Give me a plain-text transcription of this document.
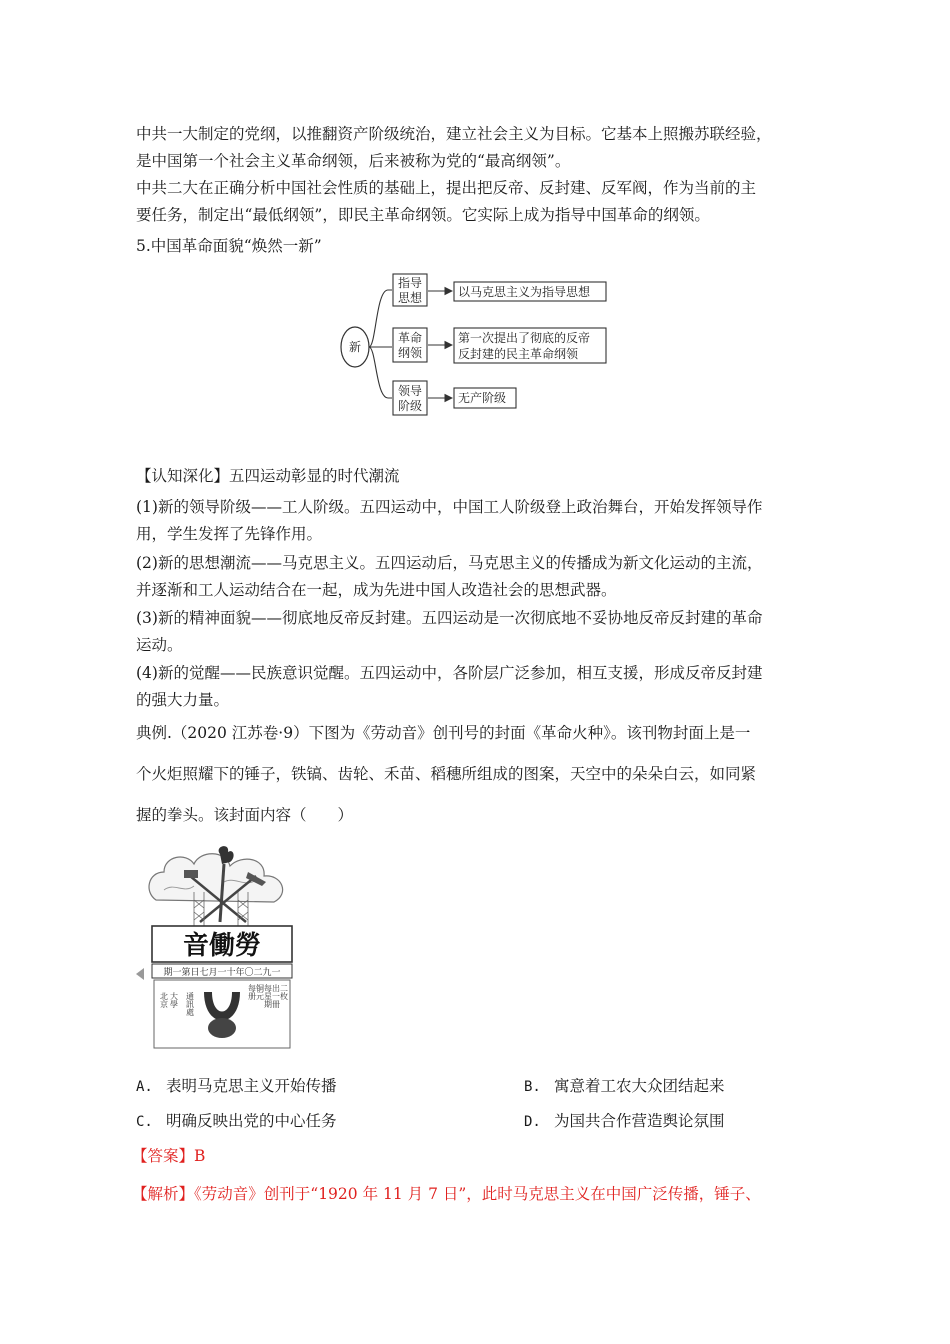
中共一大制定的党纲，以推翻资产阶级统治，建立社会主义为目标。它基本上照搬苏联经验，
是中国第一个社会主义革命纲领，后来被称为党的“最高纲领”。
中共二大在正确分析中国社会性质的基础上，提出把反帝、反封建、反军阀，作为当前的主
要任务，制定出“最低纲领”，即民主革命纲领。它实际上成为指导中国革命的纲领。
5.中国革命面貌“焕然一新”
新
指导
思想	以马克思主义为指导思想
革命
纲领
第一次提出了彻底的反帝
反封建的民主革命纲领
领导
阶级
无产阶级
【认知深化】五四运动彰显的时代潮流
(1)新的领导阶级——工人阶级。五四运动中，中国工人阶级登上政治舞台，开始发挥领导作
用，学生发挥了先锋作用。
(2)新的思想潮流——马克思主义。五四运动后，马克思主义的传播成为新文化运动的主流，
并逐渐和工人运动结合在一起，成为先进中国人改造社会的思想武器。
(3)新的精神面貌——彻底地反帝反封建。五四运动是一次彻底地不妥协地反帝反封建的革命
运动。
(4)新的觉醒——民族意识觉醒。五四运动中，各阶层广泛参加，相互支援，形成反帝反封建
的强大力量。
典例.（2020 江苏卷·9）下图为《劳动音》创刊号的封面《革命火种》。该刊物封面上是一
个火炬照耀下的锤子，铁镐、齿轮、禾苗、稻穗所组成的图案，天空中的朵朵白云，如同紧
握的拳头。该封面内容（　　）
音働勞
期一第日七月一十年〇二九一
北京 大學 通訊處	每册 铜元 每星期 出一冊 二枚
A. 表明马克思主义开始传播	B. 寓意着工农大众团结起来
C. 明确反映出党的中心任务	D. 为国共合作营造舆论氛围
【答案】B
【解析】《劳动音》创刊于“1920 年 11 月 7 日”，此时马克思主义在中国广泛传播，锤子、
